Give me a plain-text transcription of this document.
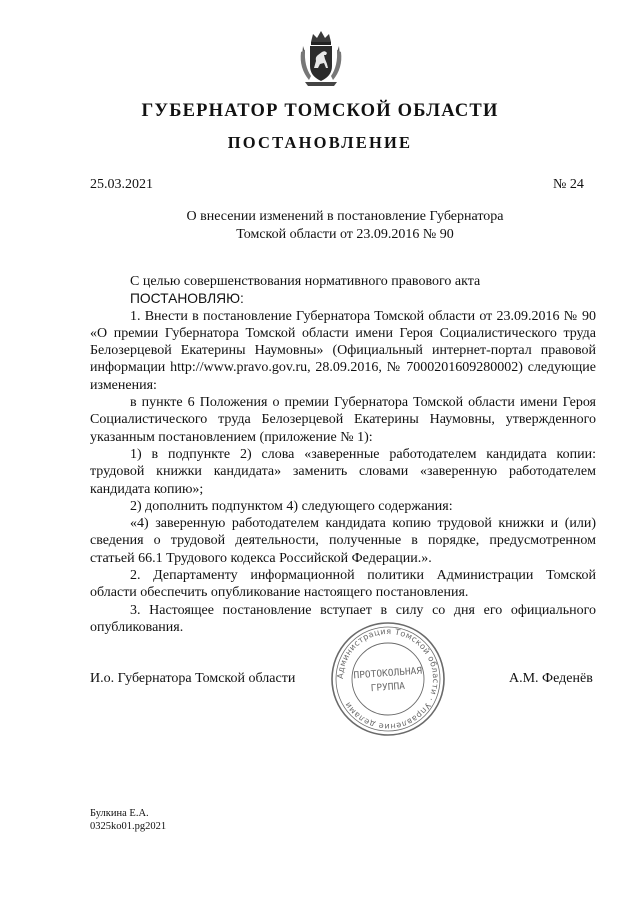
ГУБЕРНАТОР ТОМСКОЙ ОБЛАСТИ
ПОСТАНОВЛЕНИЕ
25.03.2021	№ 24
О внесении изменений в постановление Губернатора
Томской области от 23.09.2016 № 90

С целью совершенствования нормативного правового акта

ПОСТАНОВЛЯЮ:

1. Внести в постановление Губернатора Томской области от 23.09.2016 № 90 «О премии Губернатора Томской области имени Героя Социалистического труда Белозерцевой Екатерины Наумовны» (Официальный интернет-портал правовой информации http://www.pravo.gov.ru, 28.09.2016, № 7000201609280002) следующие изменения:

в пункте 6 Положения о премии Губернатора Томской области имени Героя Социалистического труда Белозерцевой Екатерины Наумовны, утвержденного указанным постановлением (приложение № 1):

1) в подпункте 2) слова «заверенные работодателем кандидата копии: трудовой книжки кандидата» заменить словами «заверенную работодателем кандидата копию»;

2) дополнить подпунктом 4) следующего содержания:

«4) заверенную работодателем кандидата копию трудовой книжки и (или) сведения о трудовой деятельности, полученные в порядке, предусмотренном статьей 66.1 Трудового кодекса Российской Федерации.».

2. Департаменту информационной политики Администрации Томской области обеспечить опубликование настоящего постановления.

3. Настоящее постановление вступает в силу со дня его официального опубликования.

Администрация Томской области · Управление делами
ПРОТОКОЛЬНАЯ
ГРУППА
И.о. Губернатора Томской области	А.М. Феденёв
Булкина Е.А.
0325ko01.pg2021
